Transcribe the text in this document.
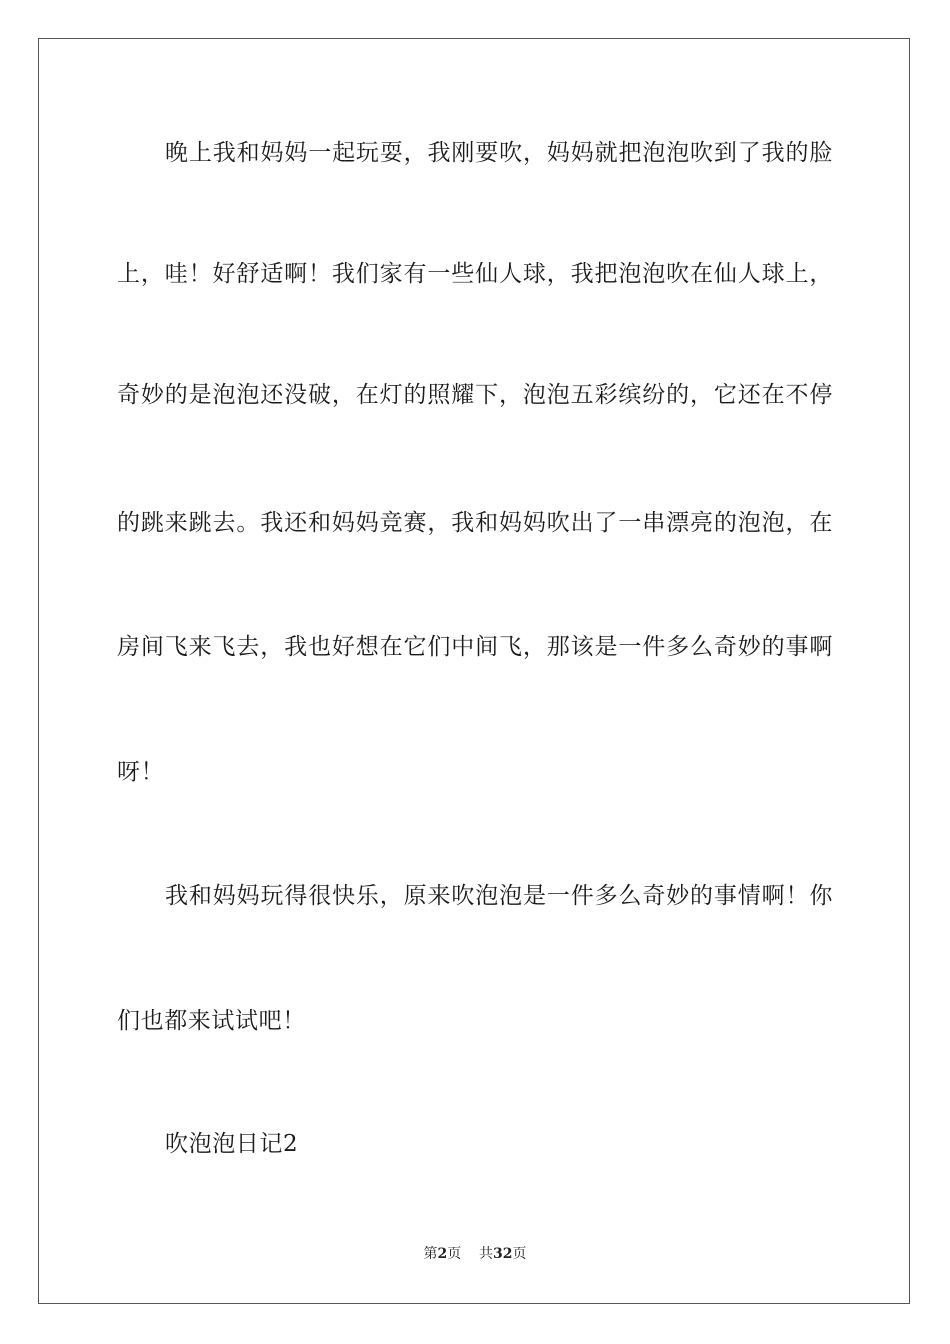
晚上我和妈妈一起玩耍，我刚要吹，妈妈就把泡泡吹到了我的脸
上，哇！好舒适啊！我们家有一些仙人球，我把泡泡吹在仙人球上，
奇妙的是泡泡还没破，在灯的照耀下，泡泡五彩缤纷的，它还在不停
的跳来跳去。我还和妈妈竞赛，我和妈妈吹出了一串漂亮的泡泡，在
房间飞来飞去，我也好想在它们中间飞，那该是一件多么奇妙的事啊
呀！
我和妈妈玩得很快乐，原来吹泡泡是一件多么奇妙的事情啊！你
们也都来试试吧！
吹泡泡日记2
第2页 共32页
